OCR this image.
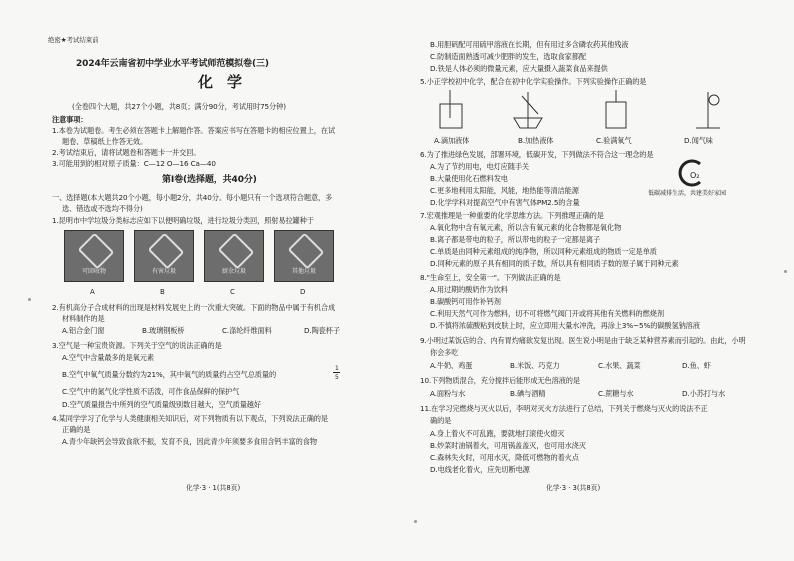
绝密★考试结束前
2024年云南省初中学业水平考试师范模拟卷(三)
化学
(全卷四个大题，共27个小题，共8页；满分90分，考试用时75分钟)
注意事项：
1.本卷为试题卷。考生必须在答题卡上解题作答。答案应书写在答题卡的相应位置上，在试
题卷、草稿纸上作答无效。
2.考试结束后，请将试题卷和答题卡一并交回。
3.可能用到的相对原子质量：C—12 O—16 Ca—40
第Ⅰ卷(选择题，共40分)
一、选择题(本大题共20个小题，每小题2分，共40分。每小题只有一个选项符合题意，多
选、错选或不选均不得分)
1.昆明市中学垃圾分类标志应如下以便明确垃圾，进行垃圾分类回，照射易拉罐种于
可回收物	有害垃圾	厨余垃圾	其他垃圾
A	B	C	D
2.有机高分子合成材料的出现是材料发展史上的一次重大突破。下面的物品中属于有机合成
材料制作的是
A.铝合金门窗	B.玻璃钢板桥	C.涤纶纤维面料	D.陶瓷杯子
3.空气是一种宝贵资源。下列关于空气的说法正确的是
A.空气中含量最多的是氧元素
B.空气中氧气质量分数约为21%，其中氧气的质量约占空气总质量的
1
5
C.空气中的氮气化学性质不活泼，可作食品保鲜的保护气
D.空气质量报告中所列的空气质量级别数目越大，空气质量越好
4.某同学学习了化学与人类健康相关知识后，对下列物质有以下观点，下列说法正确的是
正确的是
A.青少年缺钙会导致食欲不振，发育不良，因此青少年须要多食用含钙丰富的食物
化学·3 · 1(共8页)
B.用胆矾配可用硫甲溶液在长期，但有用过多含磷农药其他残液
C.防制造面熟透可减少肥胖的发生，选取食家都配
D.铁是人体必须的微量元素，应大量摄入蔬菜食品来提供
5.小正学校初中化学，配合在初中化学实验操作。下列实验操作正确的是
A.滴加液体	B.加热液体	C.验满氧气	D.闻气味
6.为了推进绿色发展，部署环境，低碳开发，下列做法不符合这一理念的是
A.为了节约用电，电灯应随手关
B.大量使用化石燃料发电
C.更多地利用太阳能，风能，地热能等清洁能源
D.化学学科对提高空气中有害气体PM2.5的含量
O₂
低碳减排生活，共建美好家园
7.宏观推理是一种重要的化学思维方法。下列推理正确的是
A.氧化物中含有氧元素，所以含有氧元素的化合物都是氧化物
B.离子都是带电的粒子，所以带电的粒子一定都是离子
C.单质是由同种元素组成的纯净物，所以同种元素组成的物质一定是单质
D.同种元素的原子具有相同的质子数，所以具有相同质子数的原子属于同种元素
8."生命至上，安全第一"。下列做法正确的是
A.用过期的酸奶作为饮料
B.碳酸钙可用作补钙剂
C.利用天然气可作为燃料，切不可将燃气阀门开或将其他有关燃料的燃烧剂
D.不慎将浓硫酸粘到皮肤上时，应立即用大量水冲洗，再涂上3%~5%的碳酸氢钠溶液
9.小明过某饭店的合、内有胃灼痛欲发复出现。医生说小明是由于缺乏某种营养素而引起的。由此，小明
你会多吃
A.牛奶、鸡蛋	B.米饭、巧克力	C.水果、蔬菜	D.鱼、虾
10.下列物质混合，充分搅拌后能形成无色溶液的是
A.面粉与水	B.碘与酒精	C.蔗糖与水	D.小苏打与水
11.在学习完燃烧与灭火以后，李明对灭火方法进行了总结，下列关于燃烧与灭火的说法不正
确的是
A.身上着火不可乱跑，要就地打滚使火熄灭
B.炒菜时油锅着火，可用锅盖盖灭，也可用水浇灭
C.森林失火时，可用水灭，降低可燃物的着火点
D.电线老化着火，应先切断电源
化学·3 · 3(共8页)
